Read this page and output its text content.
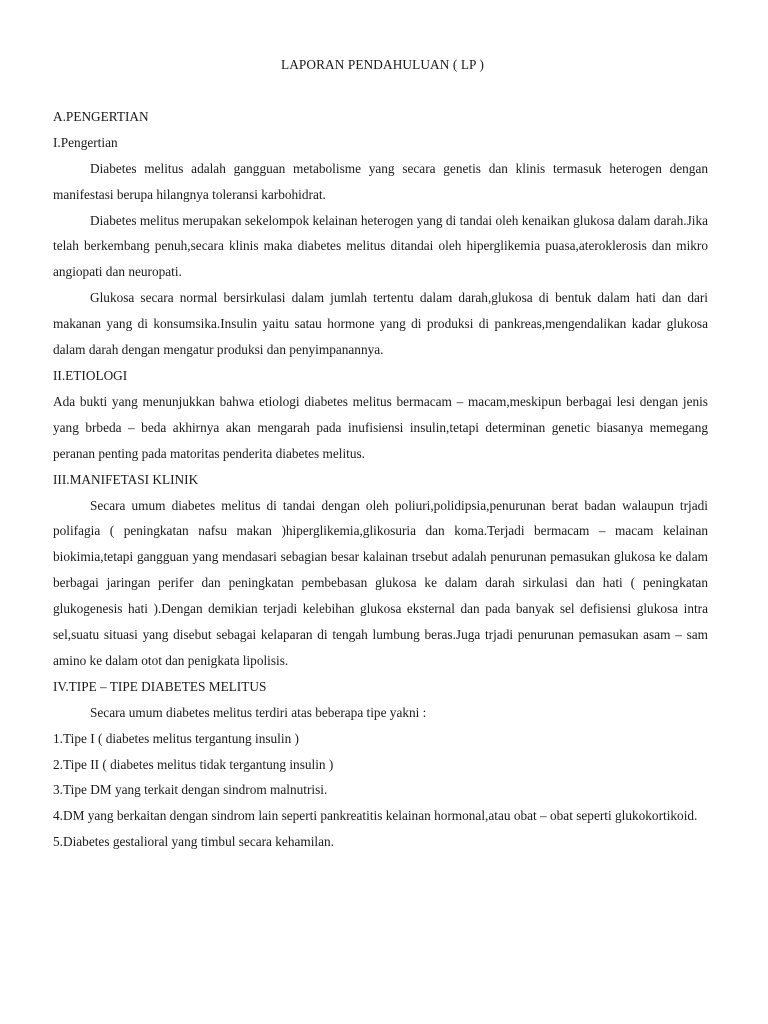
LAPORAN PENDAHULUAN ( LP )

A.PENGERTIAN

I.Pengertian

Diabetes melitus adalah gangguan metabolisme yang secara genetis dan klinis termasuk heterogen dengan manifestasi berupa hilangnya toleransi karbohidrat.

Diabetes melitus merupakan sekelompok kelainan heterogen yang di tandai oleh kenaikan glukosa dalam darah.Jika telah berkembang penuh,secara klinis maka diabetes melitus ditandai oleh hiperglikemia puasa,ateroklerosis dan mikro angiopati dan neuropati.

Glukosa secara normal bersirkulasi dalam jumlah tertentu dalam darah,glukosa di bentuk dalam hati dan dari makanan yang di konsumsika.Insulin yaitu satau hormone yang di produksi di pankreas,mengendalikan kadar glukosa dalam darah dengan mengatur produksi dan penyimpanannya.

II.ETIOLOGI

Ada bukti yang menunjukkan bahwa etiologi diabetes melitus bermacam – macam,meskipun berbagai lesi dengan jenis yang brbeda – beda akhirnya akan mengarah pada inufisiensi insulin,tetapi determinan genetic biasanya memegang peranan penting pada matoritas penderita diabetes melitus.

III.MANIFETASI KLINIK

Secara umum diabetes melitus di tandai dengan oleh poliuri,polidipsia,penurunan berat badan walaupun trjadi polifagia ( peningkatan nafsu makan )hiperglikemia,glikosuria dan koma.Terjadi bermacam – macam kelainan biokimia,tetapi gangguan yang mendasari sebagian besar kalainan trsebut adalah penurunan pemasukan glukosa ke dalam berbagai jaringan perifer dan peningkatan pembebasan glukosa ke dalam darah sirkulasi dan hati ( peningkatan glukogenesis hati ).Dengan demikian terjadi kelebihan glukosa eksternal dan pada banyak sel defisiensi glukosa intra sel,suatu situasi yang disebut sebagai kelaparan di tengah lumbung beras.Juga trjadi penurunan pemasukan asam – sam amino ke dalam otot dan penigkata lipolisis.

IV.TIPE – TIPE DIABETES MELITUS

Secara umum diabetes melitus terdiri atas beberapa tipe yakni :

1.Tipe I ( diabetes melitus tergantung insulin )

2.Tipe II ( diabetes melitus tidak tergantung insulin )

3.Tipe DM yang terkait dengan sindrom malnutrisi.

4.DM yang berkaitan dengan sindrom lain seperti pankreatitis kelainan hormonal,atau obat – obat seperti glukokortikoid.

5.Diabetes gestalioral yang timbul secara kehamilan.
